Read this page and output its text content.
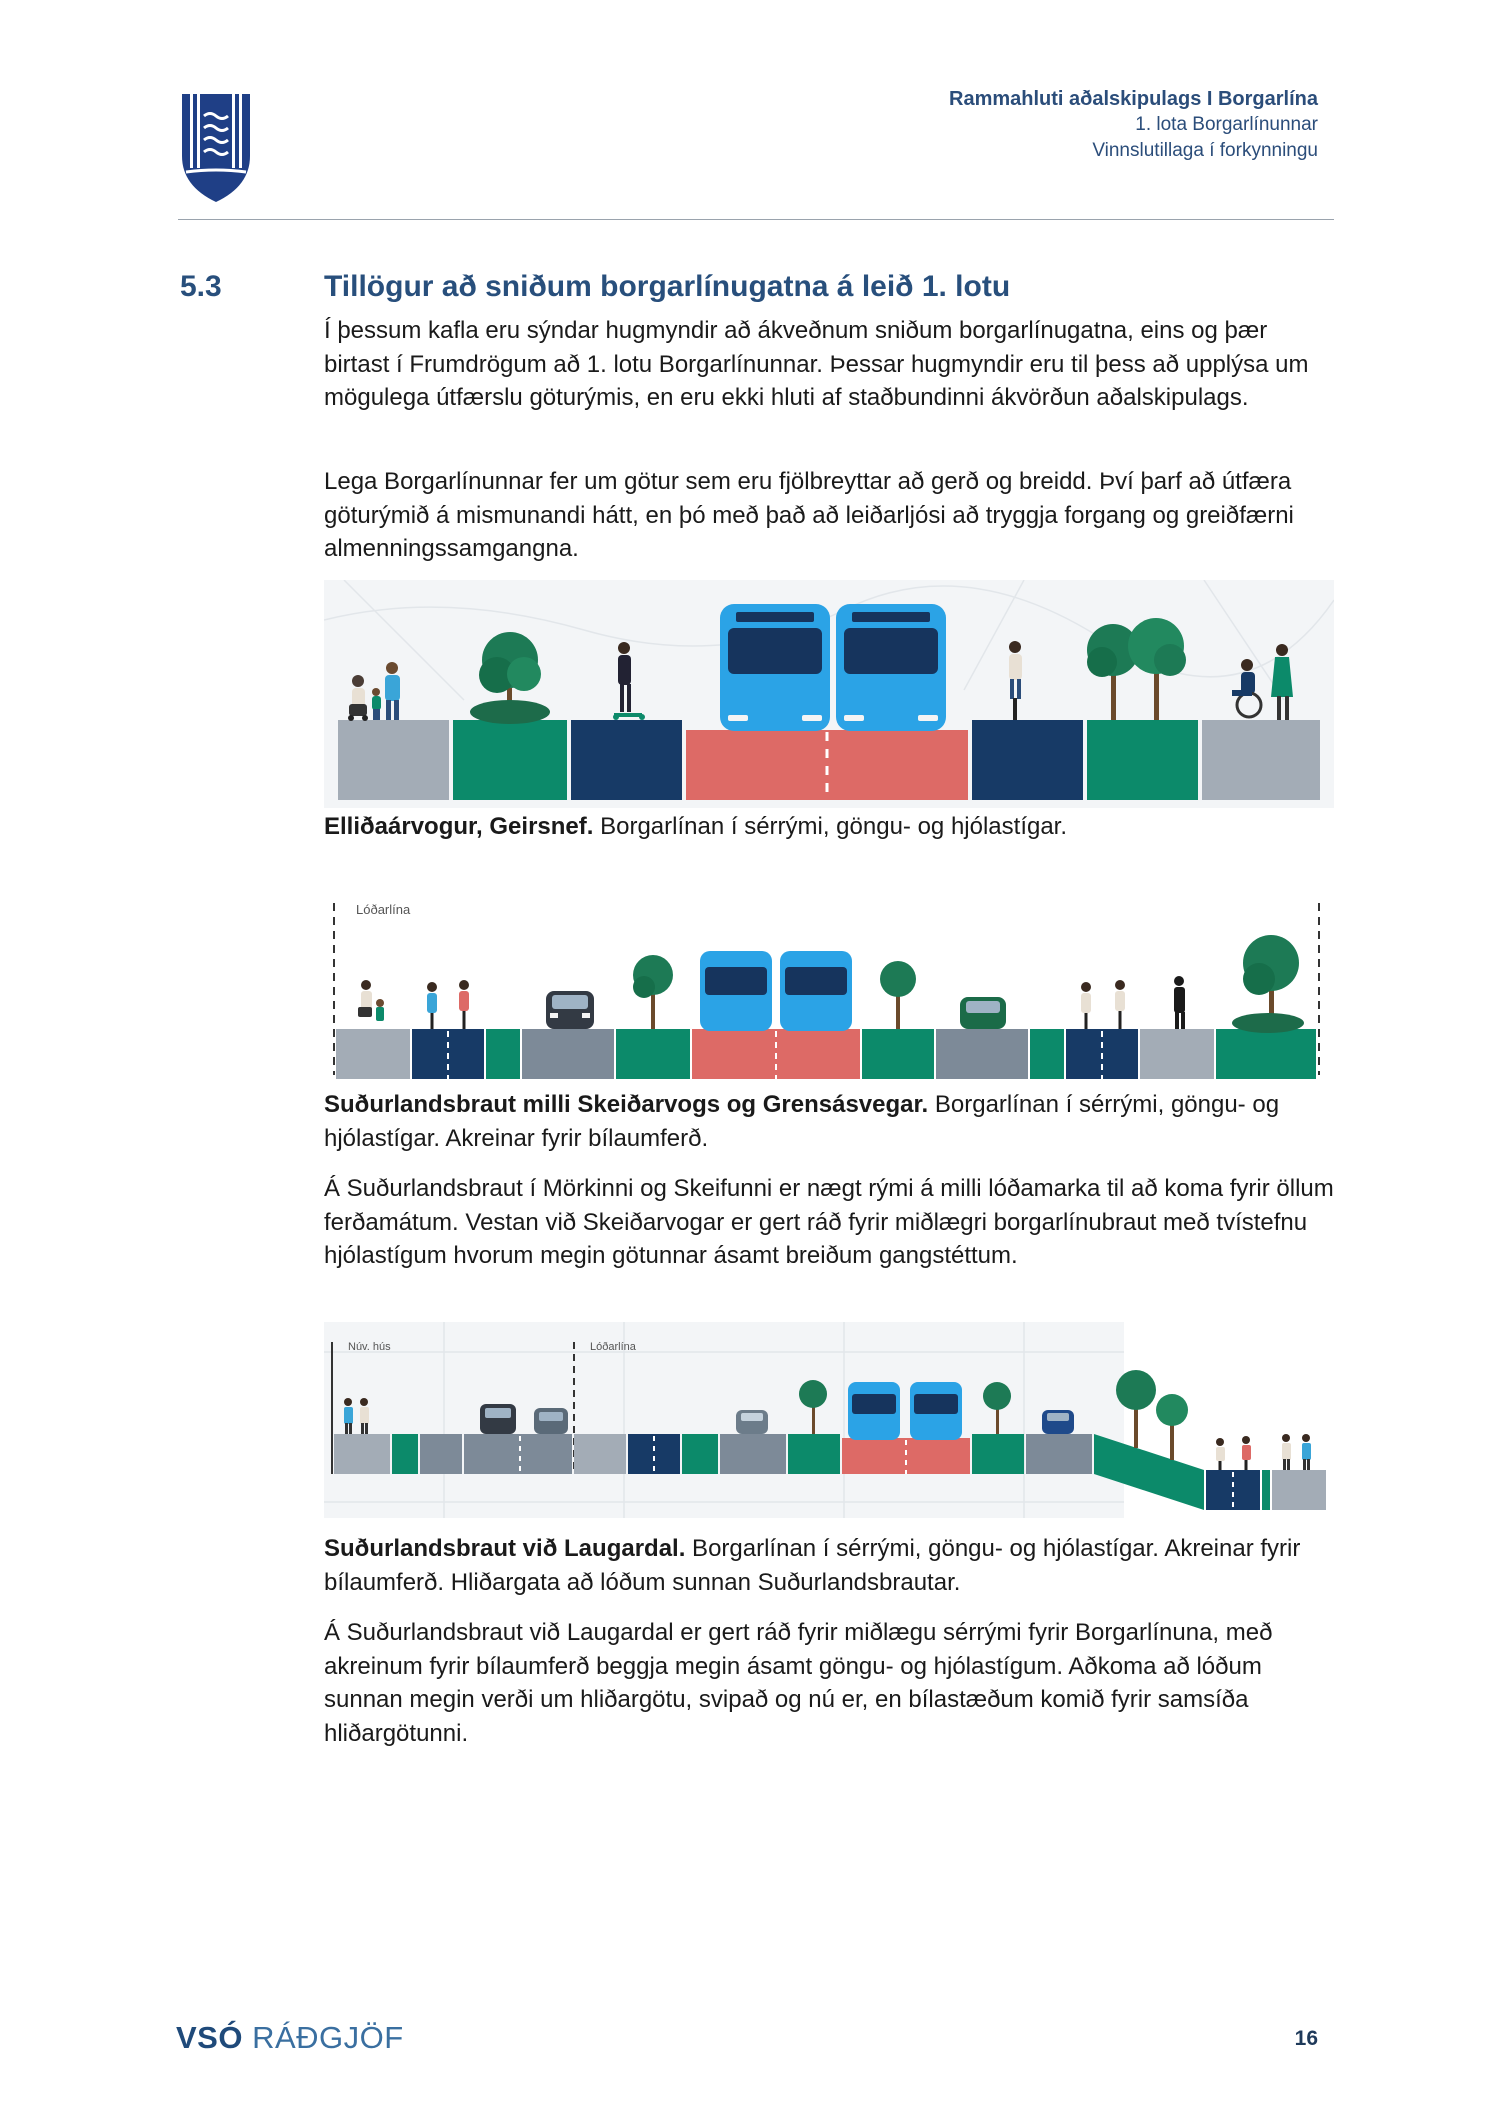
Rammahluti aðalskipulags I Borgarlína
1. lota Borgarlínunnar
Vinnslutillaga í forkynningu
5.3	Tillögur að sniðum borgarlínugatna á leið 1. lotu
Í þessum kafla eru sýndar hugmyndir að ákveðnum sniðum borgarlínugatna, eins og þær birtast í Frumdrögum að 1. lotu Borgarlínunnar. Þessar hugmyndir eru til þess að upplýsa um mögulega útfærslu göturýmis, en eru ekki hluti af staðbundinni ákvörðun aðalskipulags.
Lega Borgarlínunnar fer um götur sem eru fjölbreyttar að gerð og breidd. Því þarf að útfæra göturýmið á mismunandi hátt, en þó með það að leiðarljósi að tryggja forgang og greiðfærni almenningssamgangna.
Elliðaárvogur, Geirsnef. Borgarlínan í sérrými, göngu- og hjólastígar.
Lóðarlína
Suðurlandsbraut milli Skeiðarvogs og Grensásvegar. Borgarlínan í sérrými, göngu- og hjólastígar. Akreinar fyrir bílaumferð.
Á Suðurlandsbraut í Mörkinni og Skeifunni er nægt rými á milli lóðamarka til að koma fyrir öllum ferðamátum. Vestan við Skeiðarvogar er gert ráð fyrir miðlægri borgarlínubraut með tvístefnu hjólastígum hvorum megin götunnar ásamt breiðum gangstéttum.
Núv. hús	Lóðarlína
Suðurlandsbraut við Laugardal. Borgarlínan í sérrými, göngu- og hjólastígar. Akreinar fyrir bílaumferð. Hliðargata að lóðum sunnan Suðurlandsbrautar.
Á Suðurlandsbraut við Laugardal er gert ráð fyrir miðlægu sérrými fyrir Borgarlínuna, með akreinum fyrir bílaumferð beggja megin ásamt göngu- og hjólastígum. Aðkoma að lóðum sunnan megin verði um hliðargötu, svipað og nú er, en bílastæðum komið fyrir samsíða hliðargötunni.
VSÓ RÁÐGJÖF	16
